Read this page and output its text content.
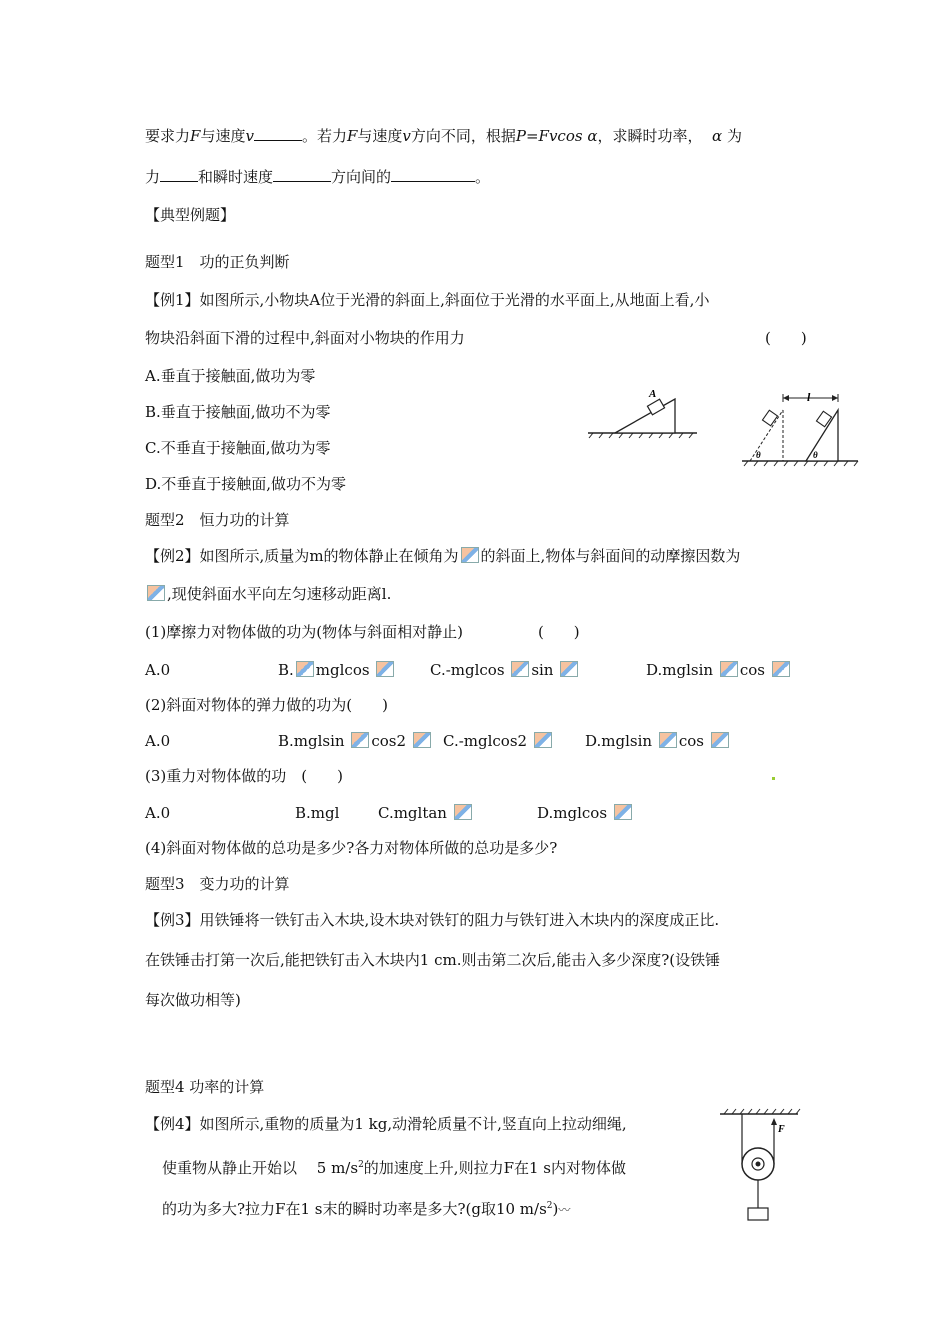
要求力F与速度v	。若力F与速度v方向不同，根据P=Fvcos α，求瞬时功率， α 为
力	和瞬时速度	方向间的	。
【典型例题】
题型1　功的正负判断
【例1】如图所示,小物块A位于光滑的斜面上,斜面位于光滑的水平面上,从地面上看,小
物块沿斜面下滑的过程中,斜面对小物块的作用力	(　　)
A.垂直于接触面,做功为零
B.垂直于接触面,做功不为零
C.不垂直于接触面,做功为零
D.不垂直于接触面,做功不为零
A	l
θ	θ
题型2　恒力功的计算
【例2】如图所示,质量为m的物体静止在倾角为 的斜面上,物体与斜面间的动摩擦因数为
,现使斜面水平向左匀速移动距离l.
(1)摩擦力对物体做的功为(物体与斜面相对静止)　　　　　(　　)
A.0	B. mglcos	C.-mglcos sin	D.mglsin cos
(2)斜面对物体的弹力做的功为(　　)
A.0	B.mglsin cos2	C.-mglcos2	D.mglsin cos
(3)重力对物体做的功　(　　)
A.0	B.mgl	C.mgltan	D.mglcos
(4)斜面对物体做的总功是多少?各力对物体所做的总功是多少?
题型3　变力功的计算
【例3】用铁锤将一铁钉击入木块,设木块对铁钉的阻力与铁钉进入木块内的深度成正比.
在铁锤击打第一次后,能把铁钉击入木块内1 cm.则击第二次后,能击入多少深度?(设铁锤
每次做功相等)
题型4 功率的计算
【例4】如图所示,重物的质量为1 kg,动滑轮质量不计,竖直向上拉动细绳,
使重物从静止开始以　 5 $m/s^2$的加速度上升,则拉力F在1 s内对物体做
的功为多大?拉力F在1 s末的瞬时功率是多大?(g取10 $m/s^2$)〰
F
